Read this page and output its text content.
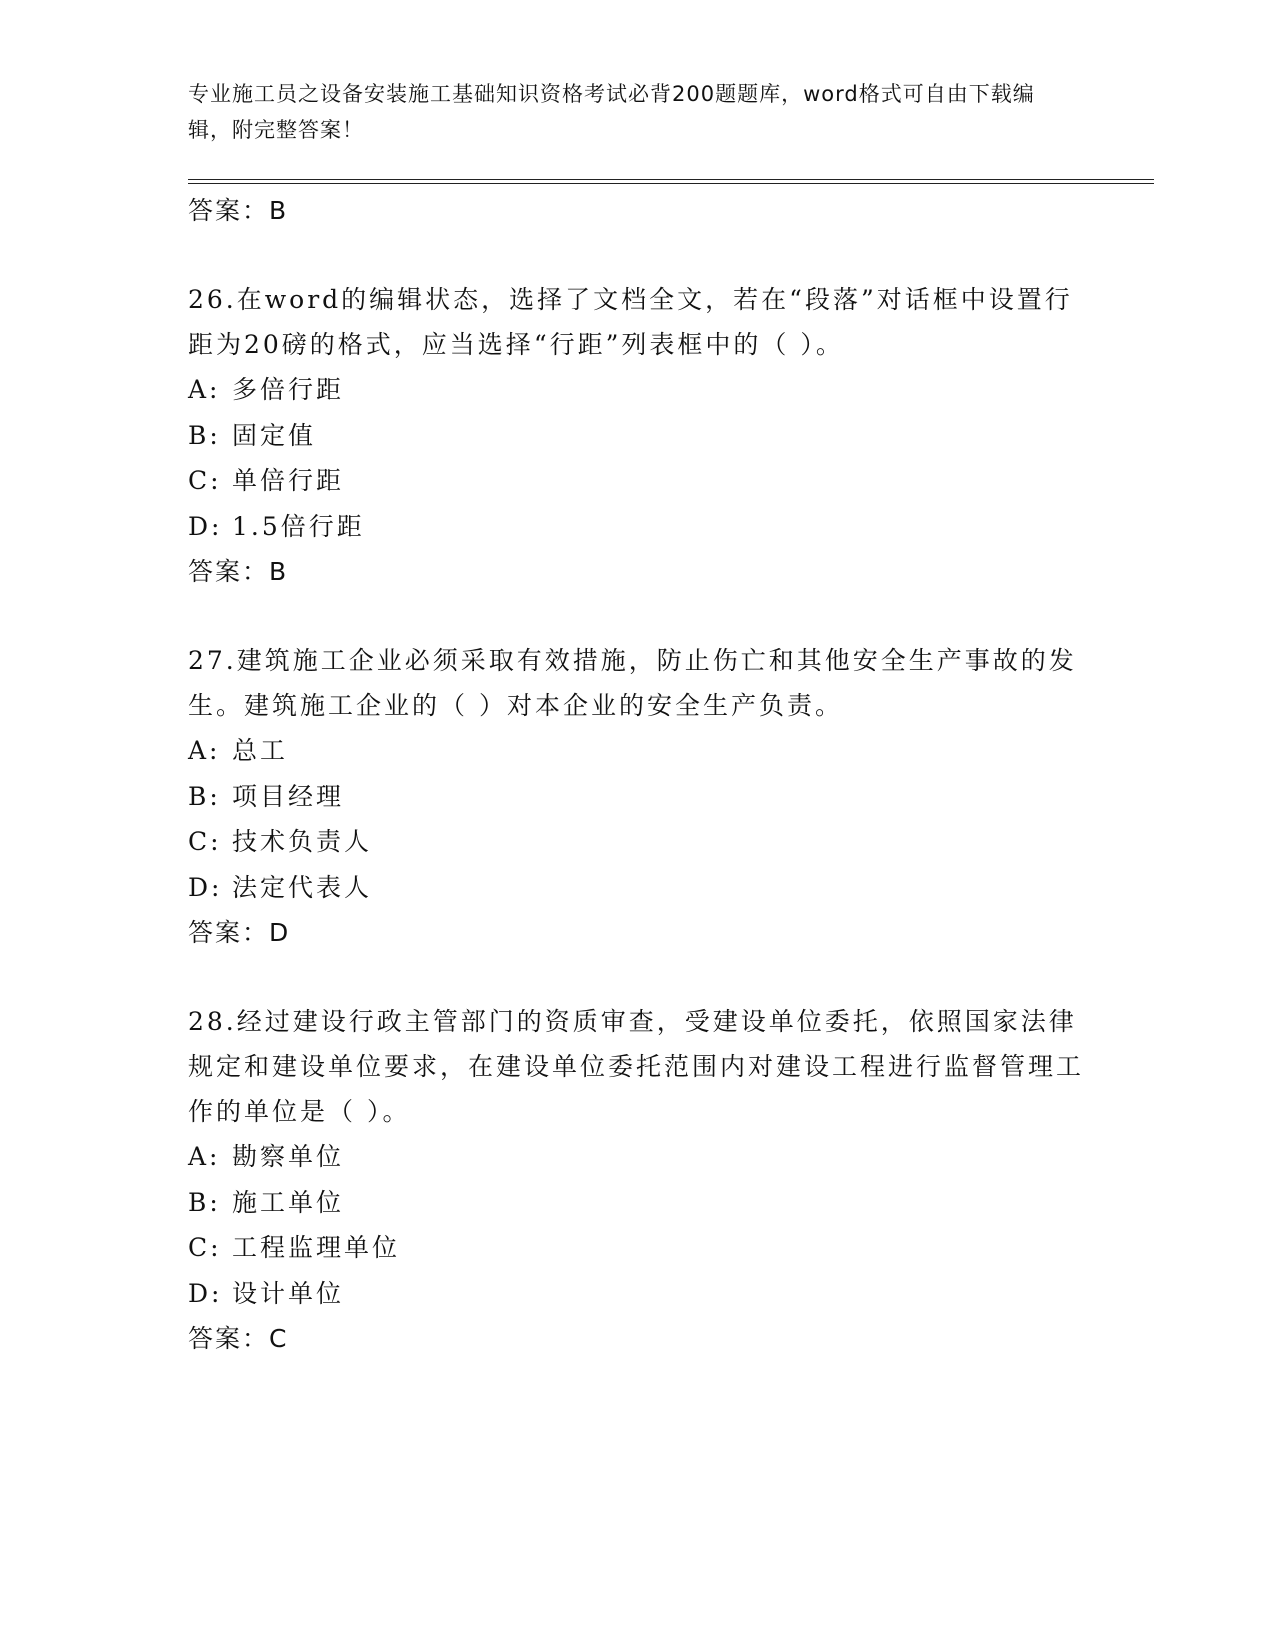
专业施工员之设备安装施工基础知识资格考试必背200题题库，word格式可自由下载编辑，附完整答案！
答案：B
26.在word的编辑状态，选择了文档全文，若在“段落”对话框中设置行距为20磅的格式，应当选择“行距”列表框中的（ ）。
A: 多倍行距
B: 固定值
C: 单倍行距
D: 1.5倍行距
答案：B
27.建筑施工企业必须采取有效措施，防止伤亡和其他安全生产事故的发生。建筑施工企业的（ ）对本企业的安全生产负责。
A: 总工
B: 项目经理
C: 技术负责人
D: 法定代表人
答案：D
28.经过建设行政主管部门的资质审查，受建设单位委托，依照国家法律规定和建设单位要求，在建设单位委托范围内对建设工程进行监督管理工作的单位是（ ）。
A: 勘察单位
B: 施工单位
C: 工程监理单位
D: 设计单位
答案：C
